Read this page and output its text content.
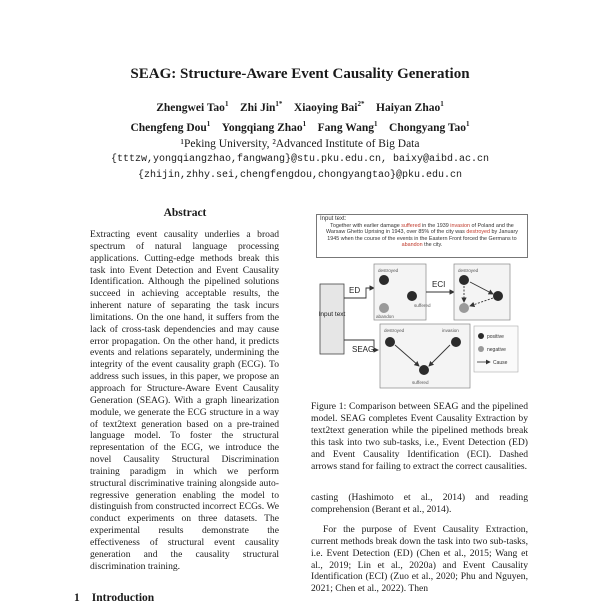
SEAG: Structure-Aware Event Causality Generation
Zhengwei Tao$^1$  Zhi Jin$^{1*}$  Xiaoying Bai$^{2*}$  Haiyan Zhao$^1$
Chengfeng Dou$^1$  Yongqiang Zhao$^1$  Fang Wang$^1$  Chongyang Tao$^1$
¹Peking University, ²Advanced Institute of Big Data
{tttzw,yongqiangzhao,fangwang}@stu.pku.edu.cn, baixy@aibd.ac.cn
{zhijin,zhhy.sei,chengfengdou,chongyangtao}@pku.edu.cn
Abstract
Extracting event causality underlies a broad spectrum of natural language processing applications. Cutting-edge methods break this task into Event Detection and Event Causality Identification. Although the pipelined solutions succeed in achieving acceptable results, the inherent nature of separating the task incurs limitations. On the one hand, it suffers from the lack of cross-task dependencies and may cause error propagation. On the other hand, it predicts events and relations separately, undermining the integrity of the event causality graph (ECG). To address such issues, in this paper, we propose an approach for Structure-Aware Event Causality Generation (SEAG). With a graph linearization module, we generate the ECG structure in a way of text2text generation based on a pre-trained language model. To foster the structural representation of the ECG, we introduce the novel Causality Structural Discrimination training paradigm in which we perform structural discriminative training alongside auto-regressive generation enabling the model to distinguish from constructed incorrect ECGs. We conduct experiments on three datasets. The experimental results demonstrate the effectiveness of structural event causality generation and the causality structural discrimination training.
1 Introduction
Input text:
Together with earlier damage suffered in the 1939 invasion of Poland and the Warsaw Ghetto Uprising in 1943, over 85% of the city was destroyed by January 1945 when the course of the events in the Eastern Front forced the Germans to abandon the city.
Input text
ED
destroyed
suffered
abandon
ECI
destroyed
SEAG
destroyed	invasion
suffered
positive
negative
Cause
Figure 1: Comparison between SEAG and the pipelined model. SEAG completes Event Causality Extraction by text2text generation while the pipelined methods break this task into two sub-tasks, i.e., Event Detection (ED) and Event Causality Identification (ECI). Dashed arrows stand for failing to extract the correct causalities.

casting (Hashimoto et al., 2014) and reading comprehension (Berant et al., 2014).

For the purpose of Event Causality Extraction, current methods break down the task into two sub-tasks, i.e. Event Detection (ED) (Chen et al., 2015; Wang et al., 2019; Lin et al., 2020a) and Event Causality Identification (ECI) (Zuo et al., 2020; Phu and Nguyen, 2021; Chen et al., 2022). Then
